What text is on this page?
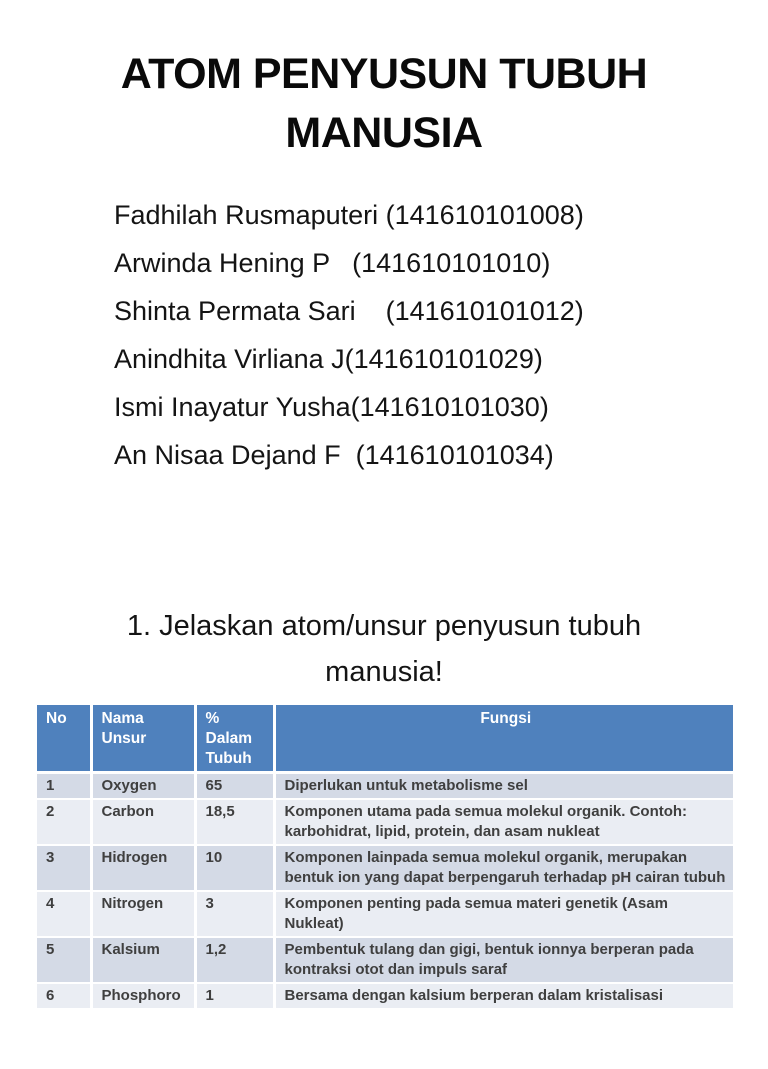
ATOM PENYUSUN TUBUH MANUSIA
Fadhilah Rusmaputeri (141610101008)
Arwinda Hening P   (141610101010)
Shinta Permata Sari    (141610101012)
Anindhita Virliana J(141610101029)
Ismi Inayatur Yusha(141610101030)
An Nisaa Dejand F  (141610101034)
1. Jelaskan atom/unsur penyusun tubuh manusia!
No	Nama Unsur	% Dalam Tubuh	Fungsi
1	Oxygen	65	Diperlukan untuk metabolisme sel
2	Carbon	18,5	Komponen utama pada semua molekul organik. Contoh: karbohidrat, lipid, protein, dan asam nukleat
3	Hidrogen	10	Komponen lainpada semua molekul organik, merupakan bentuk ion yang dapat berpengaruh terhadap pH cairan tubuh
4	Nitrogen	3	Komponen penting pada semua materi genetik (Asam Nukleat)
5	Kalsium	1,2	Pembentuk tulang dan gigi, bentuk ionnya berperan pada kontraksi otot dan impuls saraf
6	Phosphoro	1	Bersama dengan kalsium berperan dalam kristalisasi
